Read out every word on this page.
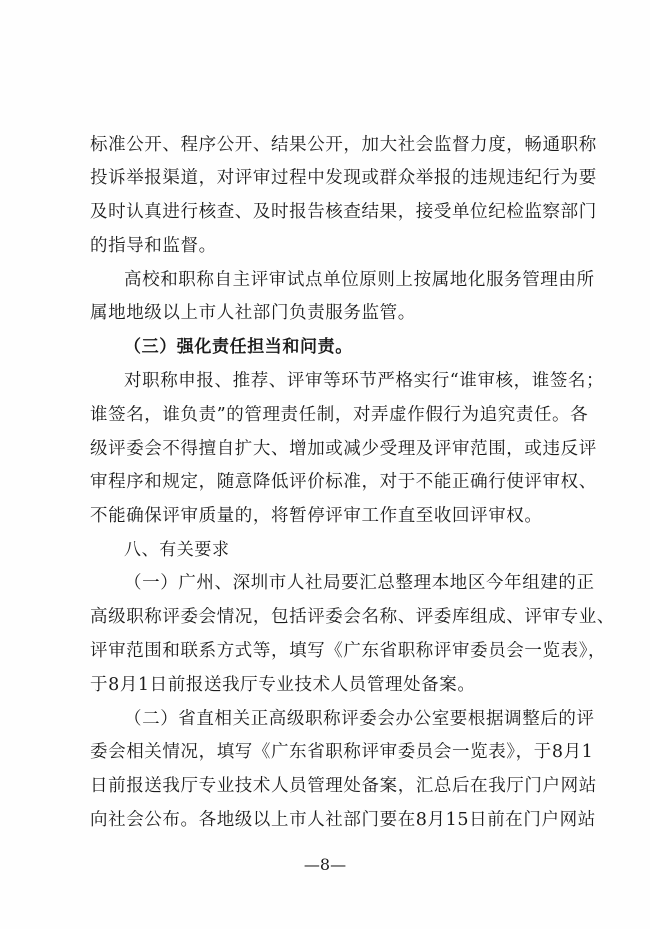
标准公开、程序公开、结果公开，加大社会监督力度，畅通职称
投诉举报渠道，对评审过程中发现或群众举报的违规违纪行为要
及时认真进行核查、及时报告核查结果，接受单位纪检监察部门
的指导和监督。
高校和职称自主评审试点单位原则上按属地化服务管理由所
属地地级以上市人社部门负责服务监管。
（三）强化责任担当和问责。
对职称申报、推荐、评审等环节严格实行“谁审核，谁签名；
谁签名，谁负责”的管理责任制，对弄虚作假行为追究责任。各
级评委会不得擅自扩大、增加或减少受理及评审范围，或违反评
审程序和规定，随意降低评价标准，对于不能正确行使评审权、
不能确保评审质量的，将暂停评审工作直至收回评审权。
八、有关要求
（一）广州、深圳市人社局要汇总整理本地区今年组建的正
高级职称评委会情况，包括评委会名称、评委库组成、评审专业、
评审范围和联系方式等，填写《广东省职称评审委员会一览表》，
于8月1日前报送我厅专业技术人员管理处备案。
（二）省直相关正高级职称评委会办公室要根据调整后的评
委会相关情况，填写《广东省职称评审委员会一览表》，于8月1
日前报送我厅专业技术人员管理处备案，汇总后在我厅门户网站
向社会公布。各地级以上市人社部门要在8月15日前在门户网站
—8—
